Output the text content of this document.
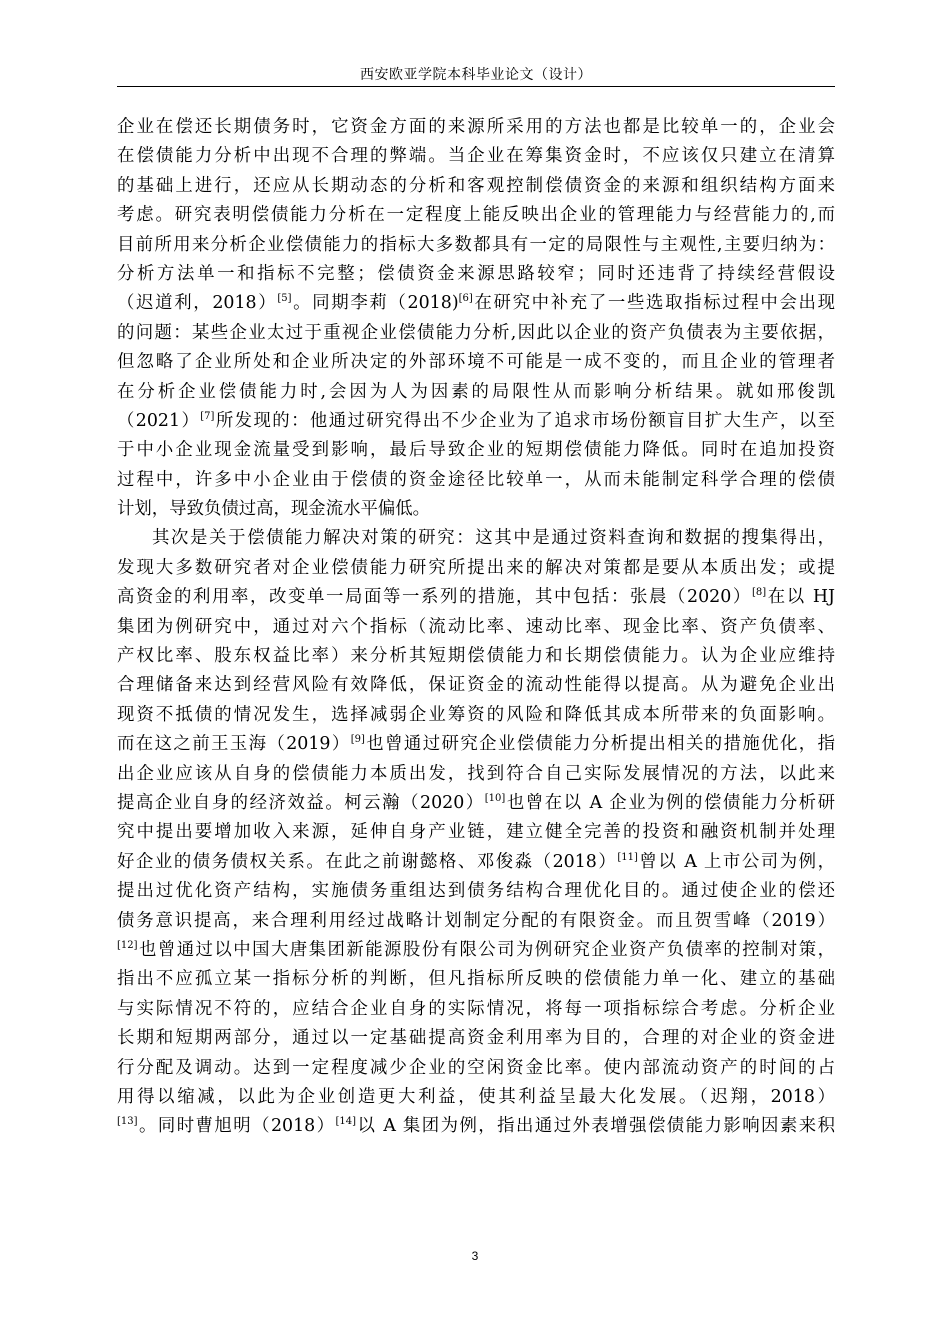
西安欧亚学院本科毕业论文（设计）
企业在偿还长期债务时，它资金方面的来源所采用的方法也都是比较单一的，企业会
在偿债能力分析中出现不合理的弊端。当企业在筹集资金时，不应该仅只建立在清算
的基础上进行，还应从长期动态的分析和客观控制偿债资金的来源和组织结构方面来
考虑。研究表明偿债能力分析在一定程度上能反映出企业的管理能力与经营能力的,而
目前所用来分析企业偿债能力的指标大多数都具有一定的局限性与主观性,主要归纳为：
分析方法单一和指标不完整；偿债资金来源思路较窄；同时还违背了持续经营假设
（迟道利，2018）[5]。同期李莉（2018)[6]在研究中补充了一些选取指标过程中会出现
的问题：某些企业太过于重视企业偿债能力分析,因此以企业的资产负债表为主要依据，
但忽略了企业所处和企业所决定的外部环境不可能是一成不变的，而且企业的管理者
在分析企业偿债能力时,会因为人为因素的局限性从而影响分析结果。就如邢俊凯
（2021）[7]所发现的：他通过研究得出不少企业为了追求市场份额盲目扩大生产，以至
于中小企业现金流量受到影响，最后导致企业的短期偿债能力降低。同时在追加投资
过程中，许多中小企业由于偿债的资金途径比较单一，从而未能制定科学合理的偿债
计划，导致负债过高，现金流水平偏低。
其次是关于偿债能力解决对策的研究：这其中是通过资料查询和数据的搜集得出，
发现大多数研究者对企业偿债能力研究所提出来的解决对策都是要从本质出发；或提
高资金的利用率，改变单一局面等一系列的措施，其中包括：张晨（2020）[8]在以 HJ
集团为例研究中，通过对六个指标（流动比率、速动比率、现金比率、资产负债率、
产权比率、股东权益比率）来分析其短期偿债能力和长期偿债能力。认为企业应维持
合理储备来达到经营风险有效降低，保证资金的流动性能得以提高。从为避免企业出
现资不抵债的情况发生，选择减弱企业筹资的风险和降低其成本所带来的负面影响。
而在这之前王玉海（2019）[9]也曾通过研究企业偿债能力分析提出相关的措施优化，指
出企业应该从自身的偿债能力本质出发，找到符合自己实际发展情况的方法，以此来
提高企业自身的经济效益。柯云瀚（2020）[10]也曾在以 A 企业为例的偿债能力分析研
究中提出要增加收入来源，延伸自身产业链，建立健全完善的投资和融资机制并处理
好企业的债务债权关系。在此之前谢懿格、邓俊淼（2018）[11]曾以 A 上市公司为例，
提出过优化资产结构，实施债务重组达到债务结构合理优化目的。通过使企业的偿还
债务意识提高，来合理利用经过战略计划制定分配的有限资金。而且贺雪峰（2019）
[12]也曾通过以中国大唐集团新能源股份有限公司为例研究企业资产负债率的控制对策，
指出不应孤立某一指标分析的判断，但凡指标所反映的偿债能力单一化、建立的基础
与实际情况不符的，应结合企业自身的实际情况，将每一项指标综合考虑。分析企业
长期和短期两部分，通过以一定基础提高资金利用率为目的，合理的对企业的资金进
行分配及调动。达到一定程度减少企业的空闲资金比率。使内部流动资产的时间的占
用得以缩减，以此为企业创造更大利益，使其利益呈最大化发展。（迟翔，2018）
[13]。同时曹旭明（2018）[14]以 A 集团为例，指出通过外表增强偿债能力影响因素来积
3
